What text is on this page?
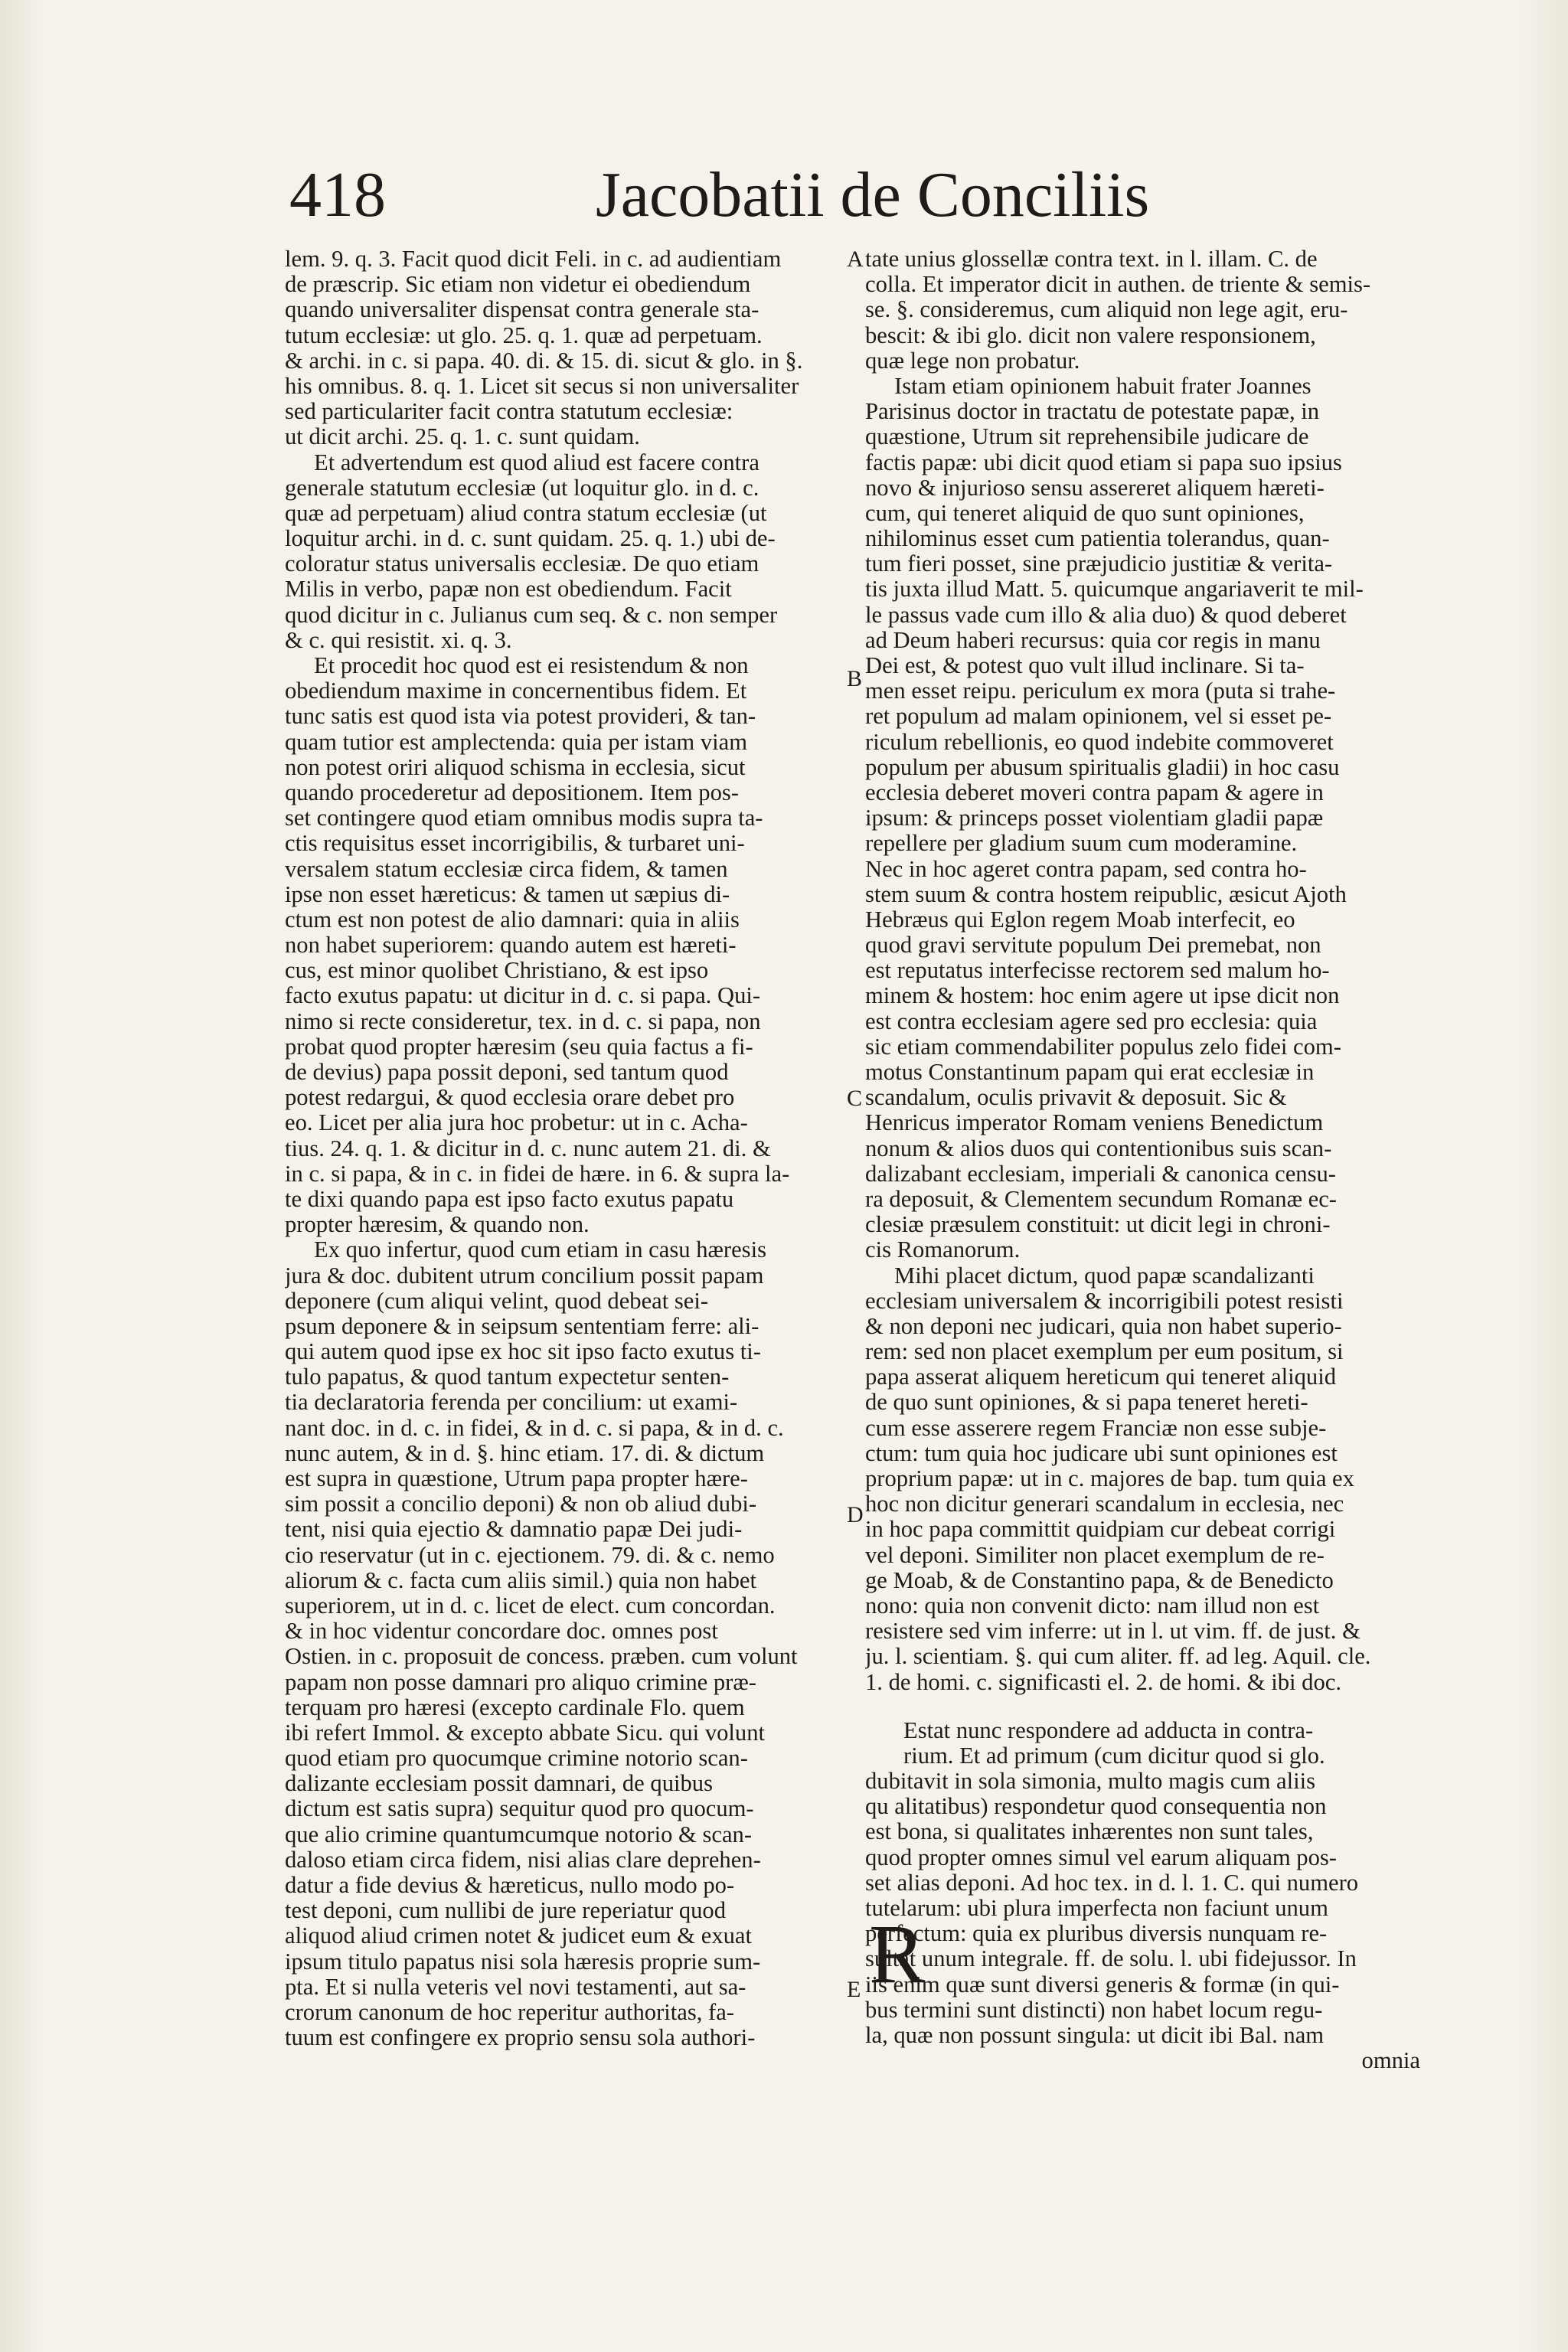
418	Jacobatii de Conciliis
lem. 9. q. 3. Facit quod dicit Feli. in c. ad audientiam
de præscrip. Sic etiam non videtur ei obediendum
quando universaliter dispensat contra generale sta-
tutum ecclesiæ: ut glo. 25. q. 1. quæ ad perpetuam.
& archi. in c. si papa. 40. di. & 15. di. sicut & glo. in §.
his omnibus. 8. q. 1. Licet sit secus si non universaliter
sed particulariter facit contra statutum ecclesiæ:
ut dicit archi. 25. q. 1. c. sunt quidam.
Et advertendum est quod aliud est facere contra
generale statutum ecclesiæ (ut loquitur glo. in d. c.
quæ ad perpetuam) aliud contra statum ecclesiæ (ut
loquitur archi. in d. c. sunt quidam. 25. q. 1.) ubi de-
coloratur status universalis ecclesiæ. De quo etiam
Milis in verbo, papæ non est obediendum. Facit
quod dicitur in c. Julianus cum seq. & c. non semper
& c. qui resistit. xi. q. 3.
Et procedit hoc quod est ei resistendum & non
obediendum maxime in concernentibus fidem. Et
tunc satis est quod ista via potest provideri, & tan-
quam tutior est amplectenda: quia per istam viam
non potest oriri aliquod schisma in ecclesia, sicut
quando procederetur ad depositionem. Item pos-
set contingere quod etiam omnibus modis supra ta-
ctis requisitus esset incorrigibilis, & turbaret uni-
versalem statum ecclesiæ circa fidem, & tamen
ipse non esset hæreticus: & tamen ut sæpius di-
ctum est non potest de alio damnari: quia in aliis
non habet superiorem: quando autem est hæreti-
cus, est minor quolibet Christiano, & est ipso
facto exutus papatu: ut dicitur in d. c. si papa. Qui-
nimo si recte consideretur, tex. in d. c. si papa, non
probat quod propter hæresim (seu quia factus a fi-
de devius) papa possit deponi, sed tantum quod
potest redargui, & quod ecclesia orare debet pro
eo. Licet per alia jura hoc probetur: ut in c. Acha-
tius. 24. q. 1. & dicitur in d. c. nunc autem 21. di. &
in c. si papa, & in c. in fidei de hære. in 6. & supra la-
te dixi quando papa est ipso facto exutus papatu
propter hæresim, & quando non.
Ex quo infertur, quod cum etiam in casu hæresis
jura & doc. dubitent utrum concilium possit papam
deponere (cum aliqui velint, quod debeat sei-
psum deponere & in seipsum sententiam ferre: ali-
qui autem quod ipse ex hoc sit ipso facto exutus ti-
tulo papatus, & quod tantum expectetur senten-
tia declaratoria ferenda per concilium: ut exami-
nant doc. in d. c. in fidei, & in d. c. si papa, & in d. c.
nunc autem, & in d. §. hinc etiam. 17. di. & dictum
est supra in quæstione, Utrum papa propter hære-
sim possit a concilio deponi) & non ob aliud dubi-
tent, nisi quia ejectio & damnatio papæ Dei judi-
cio reservatur (ut in c. ejectionem. 79. di. & c. nemo
aliorum & c. facta cum aliis simil.) quia non habet
superiorem, ut in d. c. licet de elect. cum concordan.
& in hoc videntur concordare doc. omnes post
Ostien. in c. proposuit de concess. præben. cum volunt
papam non posse damnari pro aliquo crimine præ-
terquam pro hæresi (excepto cardinale Flo. quem
ibi refert Immol. & excepto abbate Sicu. qui volunt
quod etiam pro quocumque crimine notorio scan-
dalizante ecclesiam possit damnari, de quibus
dictum est satis supra) sequitur quod pro quocum-
que alio crimine quantumcumque notorio & scan-
daloso etiam circa fidem, nisi alias clare deprehen-
datur a fide devius & hæreticus, nullo modo po-
test deponi, cum nullibi de jure reperiatur quod
aliquod aliud crimen notet & judicet eum & exuat
ipsum titulo papatus nisi sola hæresis proprie sum-
pta. Et si nulla veteris vel novi testamenti, aut sa-
crorum canonum de hoc reperitur authoritas, fa-
tuum est confingere ex proprio sensu sola authori-
tate unius glossellæ contra text. in l. illam. C. de
colla. Et imperator dicit in authen. de triente & semis-
se. §. consideremus, cum aliquid non lege agit, eru-
bescit: & ibi glo. dicit non valere responsionem,
quæ lege non probatur.
Istam etiam opinionem habuit frater Joannes
Parisinus doctor in tractatu de potestate papæ, in
quæstione, Utrum sit reprehensibile judicare de
factis papæ: ubi dicit quod etiam si papa suo ipsius
novo & injurioso sensu assereret aliquem hæreti-
cum, qui teneret aliquid de quo sunt opiniones,
nihilominus esset cum patientia tolerandus, quan-
tum fieri posset, sine præjudicio justitiæ & verita-
tis juxta illud Matt. 5. quicumque angariaverit te mil-
le passus vade cum illo & alia duo) & quod deberet
ad Deum haberi recursus: quia cor regis in manu
Dei est, & potest quo vult illud inclinare. Si ta-
men esset reipu. periculum ex mora (puta si trahe-
ret populum ad malam opinionem, vel si esset pe-
riculum rebellionis, eo quod indebite commoveret
populum per abusum spiritualis gladii) in hoc casu
ecclesia deberet moveri contra papam & agere in
ipsum: & princeps posset violentiam gladii papæ
repellere per gladium suum cum moderamine.
Nec in hoc ageret contra papam, sed contra ho-
stem suum & contra hostem reipublic, æsicut Ajoth
Hebræus qui Eglon regem Moab interfecit, eo
quod gravi servitute populum Dei premebat, non
est reputatus interfecisse rectorem sed malum ho-
minem & hostem: hoc enim agere ut ipse dicit non
est contra ecclesiam agere sed pro ecclesia: quia
sic etiam commendabiliter populus zelo fidei com-
motus Constantinum papam qui erat ecclesiæ in
scandalum, oculis privavit & deposuit. Sic &
Henricus imperator Romam veniens Benedictum
nonum & alios duos qui contentionibus suis scan-
dalizabant ecclesiam, imperiali & canonica censu-
ra deposuit, & Clementem secundum Romanæ ec-
clesiæ præsulem constituit: ut dicit legi in chroni-
cis Romanorum.
Mihi placet dictum, quod papæ scandalizanti
ecclesiam universalem & incorrigibili potest resisti
& non deponi nec judicari, quia non habet superio-
rem: sed non placet exemplum per eum positum, si
papa asserat aliquem hereticum qui teneret aliquid
de quo sunt opiniones, & si papa teneret hereti-
cum esse asserere regem Franciæ non esse subje-
ctum: tum quia hoc judicare ubi sunt opiniones est
proprium papæ: ut in c. majores de bap. tum quia ex
hoc non dicitur generari scandalum in ecclesia, nec
in hoc papa committit quidpiam cur debeat corrigi
vel deponi. Similiter non placet exemplum de re-
ge Moab, & de Constantino papa, & de Benedicto
nono: quia non convenit dicto: nam illud non est
resistere sed vim inferre: ut in l. ut vim. ff. de just. &
ju. l. scientiam. §. qui cum aliter. ff. ad leg. Aquil. cle.
1. de homi. c. significasti el. 2. de homi. & ibi doc.
Estat nunc respondere ad adducta in contra-
rium. Et ad primum (cum dicitur quod si glo.
dubitavit in sola simonia, multo magis cum aliis
qu alitatibus) respondetur quod consequentia non
est bona, si qualitates inhærentes non sunt tales,
quod propter omnes simul vel earum aliquam pos-
set alias deponi. Ad hoc tex. in d. l. 1. C. qui numero
tutelarum: ubi plura imperfecta non faciunt unum
perfectum: quia ex pluribus diversis nunquam re-
sultat unum integrale. ff. de solu. l. ubi fidejussor. In
iis enim quæ sunt diversi generis & formæ (in qui-
bus termini sunt distincti) non habet locum regu-
la, quæ non possunt singula: ut dicit ibi Bal. nam
omnia
A
B
C
D
E R
